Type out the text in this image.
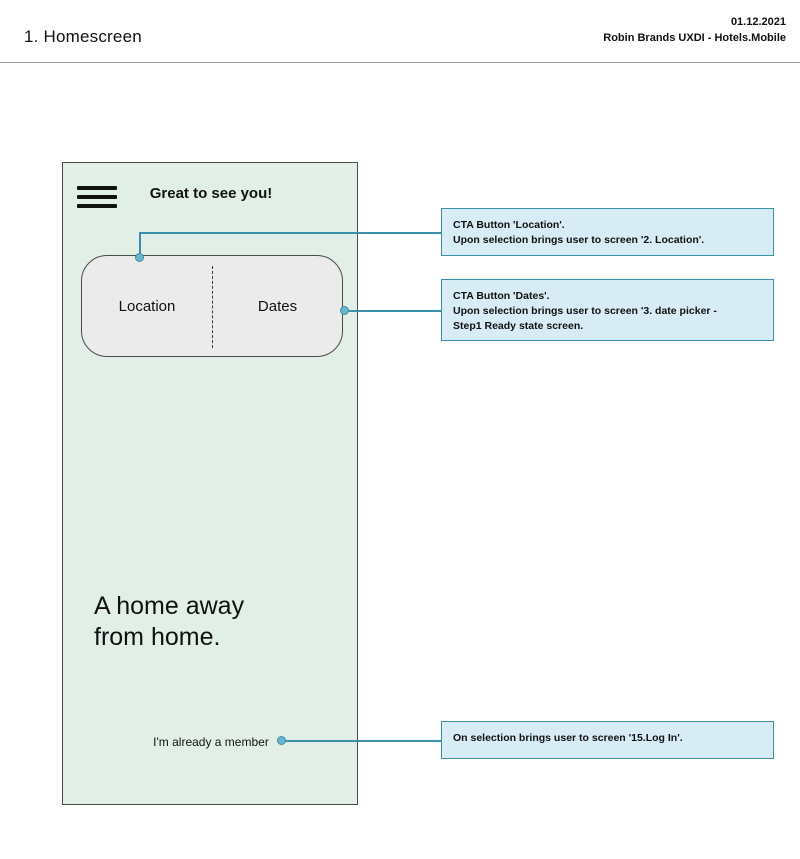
1. Homescreen
01.12.2021
Robin Brands UXDI - Hotels.Mobile
Great to see you!
Location	Dates
A home away
from home.
I'm already a member
CTA Button 'Location'.
Upon selection brings user to screen '2. Location'.
CTA Button 'Dates'.
Upon selection brings user to screen '3. date picker -
Step1 Ready state screen.
On selection brings user to screen '15.Log In'.
